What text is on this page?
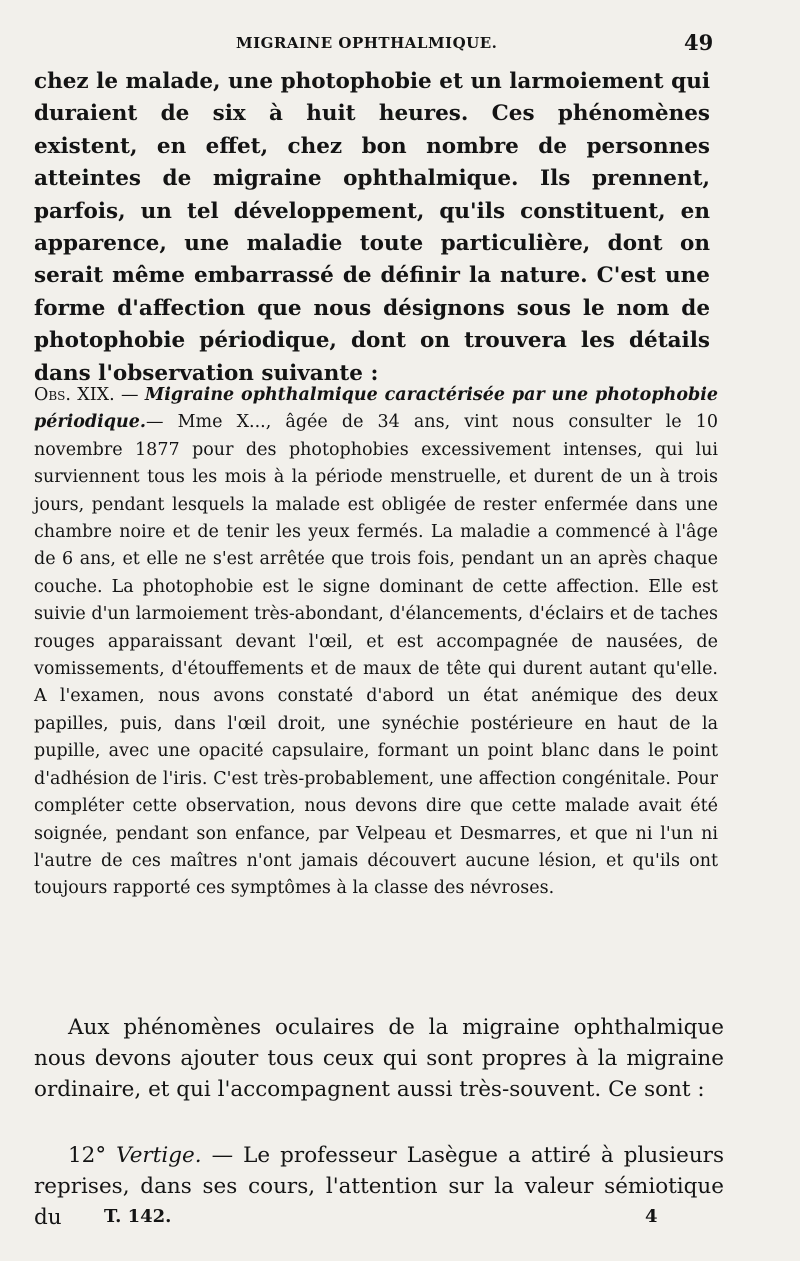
MIGRAINE OPHTHALMIQUE.	49

chez le malade, une photophobie et un larmoiement qui duraient de six à huit heures. Ces phénomènes existent, en effet, chez bon nombre de personnes atteintes de migraine ophthalmique. Ils prennent, parfois, un tel développement, qu'ils constituent, en apparence, une maladie toute particulière, dont on serait même embarrassé de définir la nature. C'est une forme d'affection que nous désignons sous le nom de photophobie périodique, dont on trouvera les détails dans l'observation suivante :

Obs. XIX. — Migraine ophthalmique caractérisée par une photophobie périodique.— Mme X..., âgée de 34 ans, vint nous consulter le 10 novembre 1877 pour des photophobies excessivement intenses, qui lui surviennent tous les mois à la période menstruelle, et durent de un à trois jours, pendant lesquels la malade est obligée de rester enfermée dans une chambre noire et de tenir les yeux fermés. La maladie a commencé à l'âge de 6 ans, et elle ne s'est arrêtée que trois fois, pendant un an après chaque couche. La photophobie est le signe dominant de cette affection. Elle est suivie d'un larmoiement très-abondant, d'élancements, d'éclairs et de taches rouges apparaissant devant l'œil, et est accompagnée de nausées, de vomissements, d'étouffements et de maux de tête qui durent autant qu'elle. A l'examen, nous avons constaté d'abord un état anémique des deux papilles, puis, dans l'œil droit, une synéchie postérieure en haut de la pupille, avec une opacité capsulaire, formant un point blanc dans le point d'adhésion de l'iris. C'est très-probablement, une affection congénitale. Pour compléter cette observation, nous devons dire que cette malade avait été soignée, pendant son enfance, par Velpeau et Desmarres, et que ni l'un ni l'autre de ces maîtres n'ont jamais découvert aucune lésion, et qu'ils ont toujours rapporté ces symptômes à la classe des névroses.

Aux phénomènes oculaires de la migraine ophthalmique nous devons ajouter tous ceux qui sont propres à la migraine ordinaire, et qui l'accompagnent aussi très-souvent. Ce sont :

12° Vertige. — Le professeur Lasègue a attiré à plusieurs reprises, dans ses cours, l'attention sur la valeur sémiotique du	T. 142.	4
